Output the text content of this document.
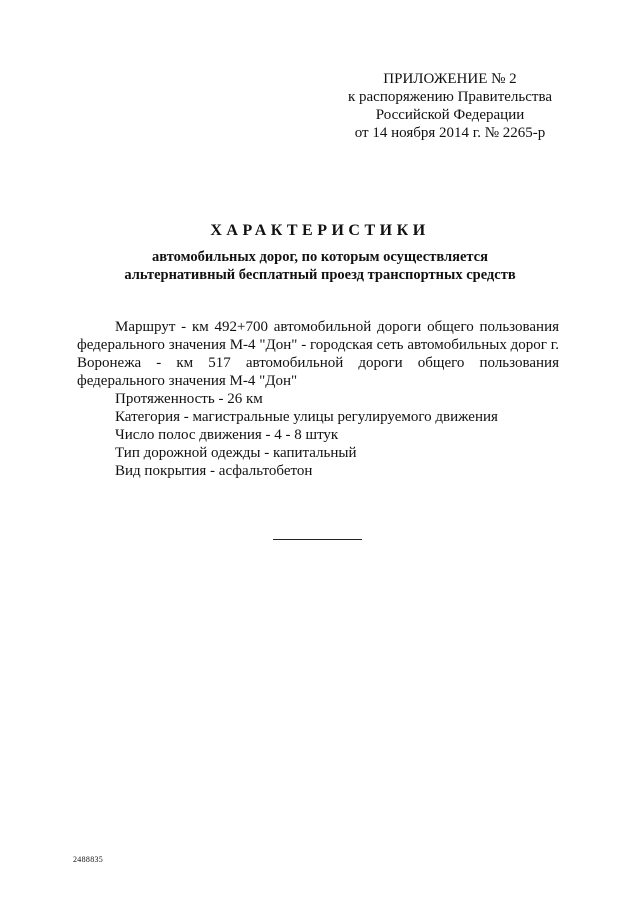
ПРИЛОЖЕНИЕ № 2
к распоряжению Правительства
Российской Федерации
от 14 ноября 2014 г. № 2265-р
ХАРАКТЕРИСТИКИ
автомобильных дорог, по которым осуществляется
альтернативный бесплатный проезд транспортных средств

Маршрут - км 492+700 автомобильной дороги общего пользования федерального значения М-4 "Дон" - городская сеть автомобильных дорог г. Воронежа - км 517 автомобильной дороги общего пользования федерального значения М-4 "Дон"

Протяженность - 26 км
Категория - магистральные улицы регулируемого движения
Число полос движения - 4 - 8 штук
Тип дорожной одежды - капитальный
Вид покрытия - асфальтобетон
2488835
